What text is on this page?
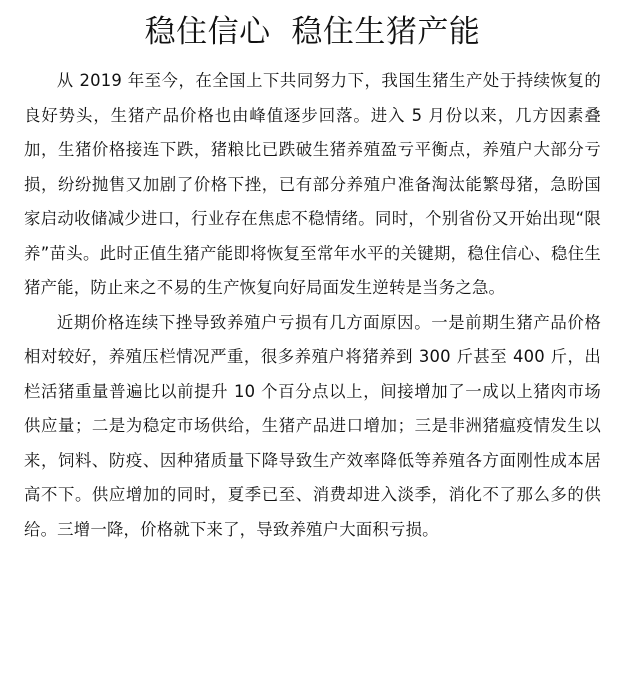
稳住信心  稳住生猪产能

从 2019 年至今，在全国上下共同努力下，我国生猪生产处于持续恢复的良好势头，生猪产品价格也由峰值逐步回落。进入 5 月份以来，几方因素叠加，生猪价格接连下跌，猪粮比已跌破生猪养殖盈亏平衡点，养殖户大部分亏损，纷纷抛售又加剧了价格下挫，已有部分养殖户准备淘汰能繁母猪，急盼国家启动收储减少进口，行业存在焦虑不稳情绪。同时，个别省份又开始出现“限养”苗头。此时正值生猪产能即将恢复至常年水平的关键期，稳住信心、稳住生猪产能，防止来之不易的生产恢复向好局面发生逆转是当务之急。

近期价格连续下挫导致养殖户亏损有几方面原因。一是前期生猪产品价格相对较好，养殖压栏情况严重，很多养殖户将猪养到 300 斤甚至 400 斤，出栏活猪重量普遍比以前提升 10 个百分点以上，间接增加了一成以上猪肉市场供应量；二是为稳定市场供给，生猪产品进口增加；三是非洲猪瘟疫情发生以来，饲料、防疫、因种猪质量下降导致生产效率降低等养殖各方面刚性成本居高不下。供应增加的同时，夏季已至、消费却进入淡季，消化不了那么多的供给。三增一降，价格就下来了，导致养殖户大面积亏损。
